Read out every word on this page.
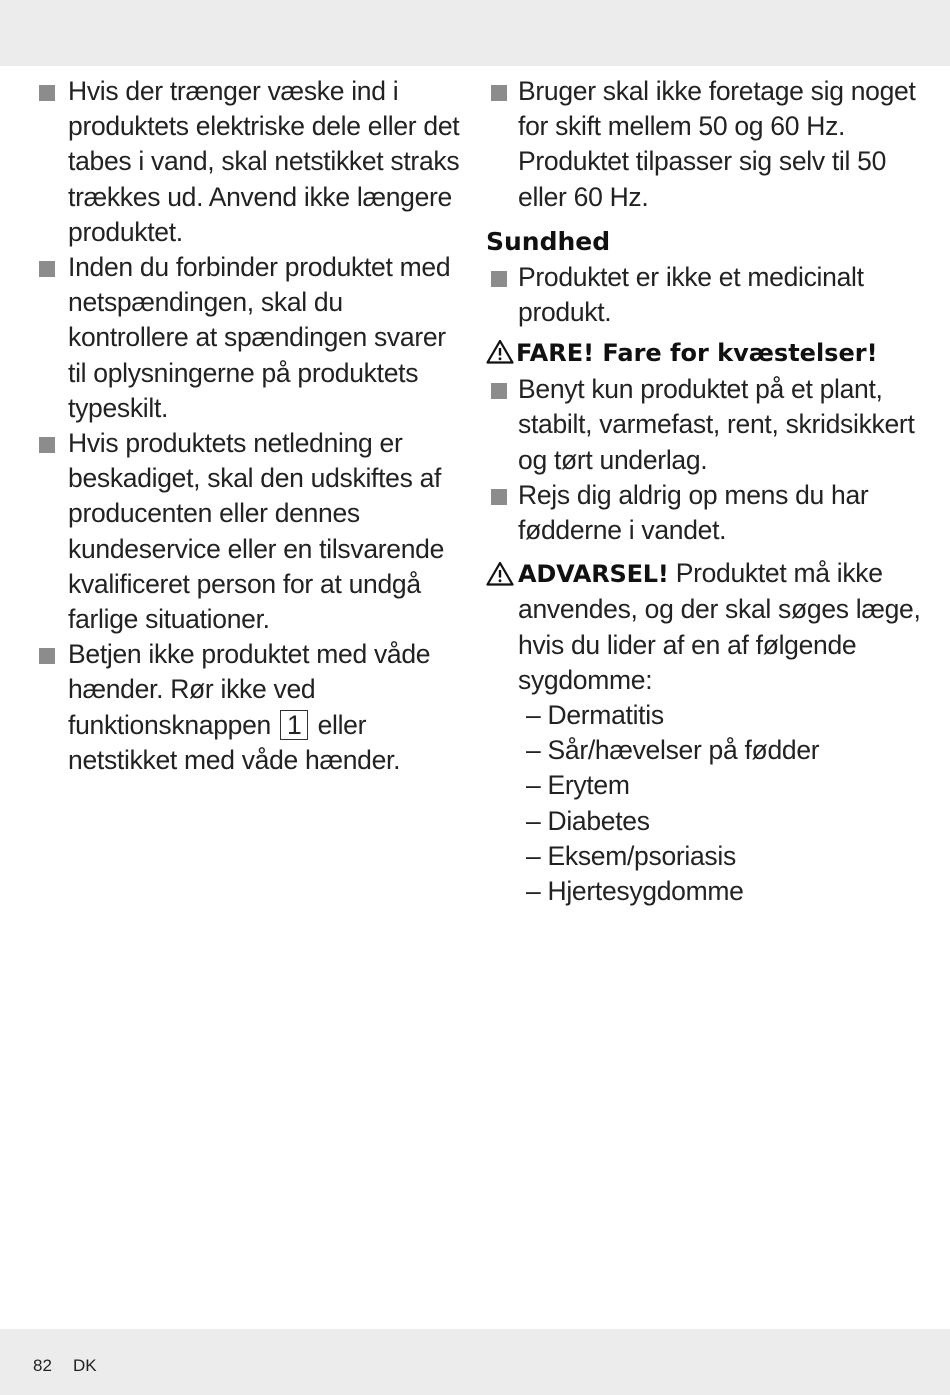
Hvis der trænger væske ind i produktets elektriske dele eller det tabes i vand, skal netstikket straks trækkes ud. Anvend ikke længere produktet.
Inden du forbinder produktet med netspændingen, skal du kontrollere at spændingen svarer til oplysningerne på produktets typeskilt.
Hvis produktets netledning er beskadiget, skal den udskiftes af producenten eller dennes kundeservice eller en tilsvarende kvalificeret person for at undgå farlige situationer.
Betjen ikke produktet med våde hænder. Rør ikke ved funktionsknappen 1 eller netstikket med våde hænder.
Bruger skal ikke foretage sig noget for skift mellem 50 og 60 Hz. Produktet tilpasser sig selv til 50 eller 60 Hz.
Sundhed
Produktet er ikke et medicinalt produkt.
FARE! Fare for kvæstelser!
Benyt kun produktet på et plant, stabilt, varmefast, rent, skridsikkert og tørt underlag.
Rejs dig aldrig op mens du har fødderne i vandet.
ADVARSEL! Produktet må ikke anvendes, og der skal søges læge, hvis du lider af en af følgende sygdomme:
– Dermatitis
– Sår/hævelser på fødder
– Erytem
– Diabetes
– Eksem/psoriasis
– Hjertesygdomme
82 DK
